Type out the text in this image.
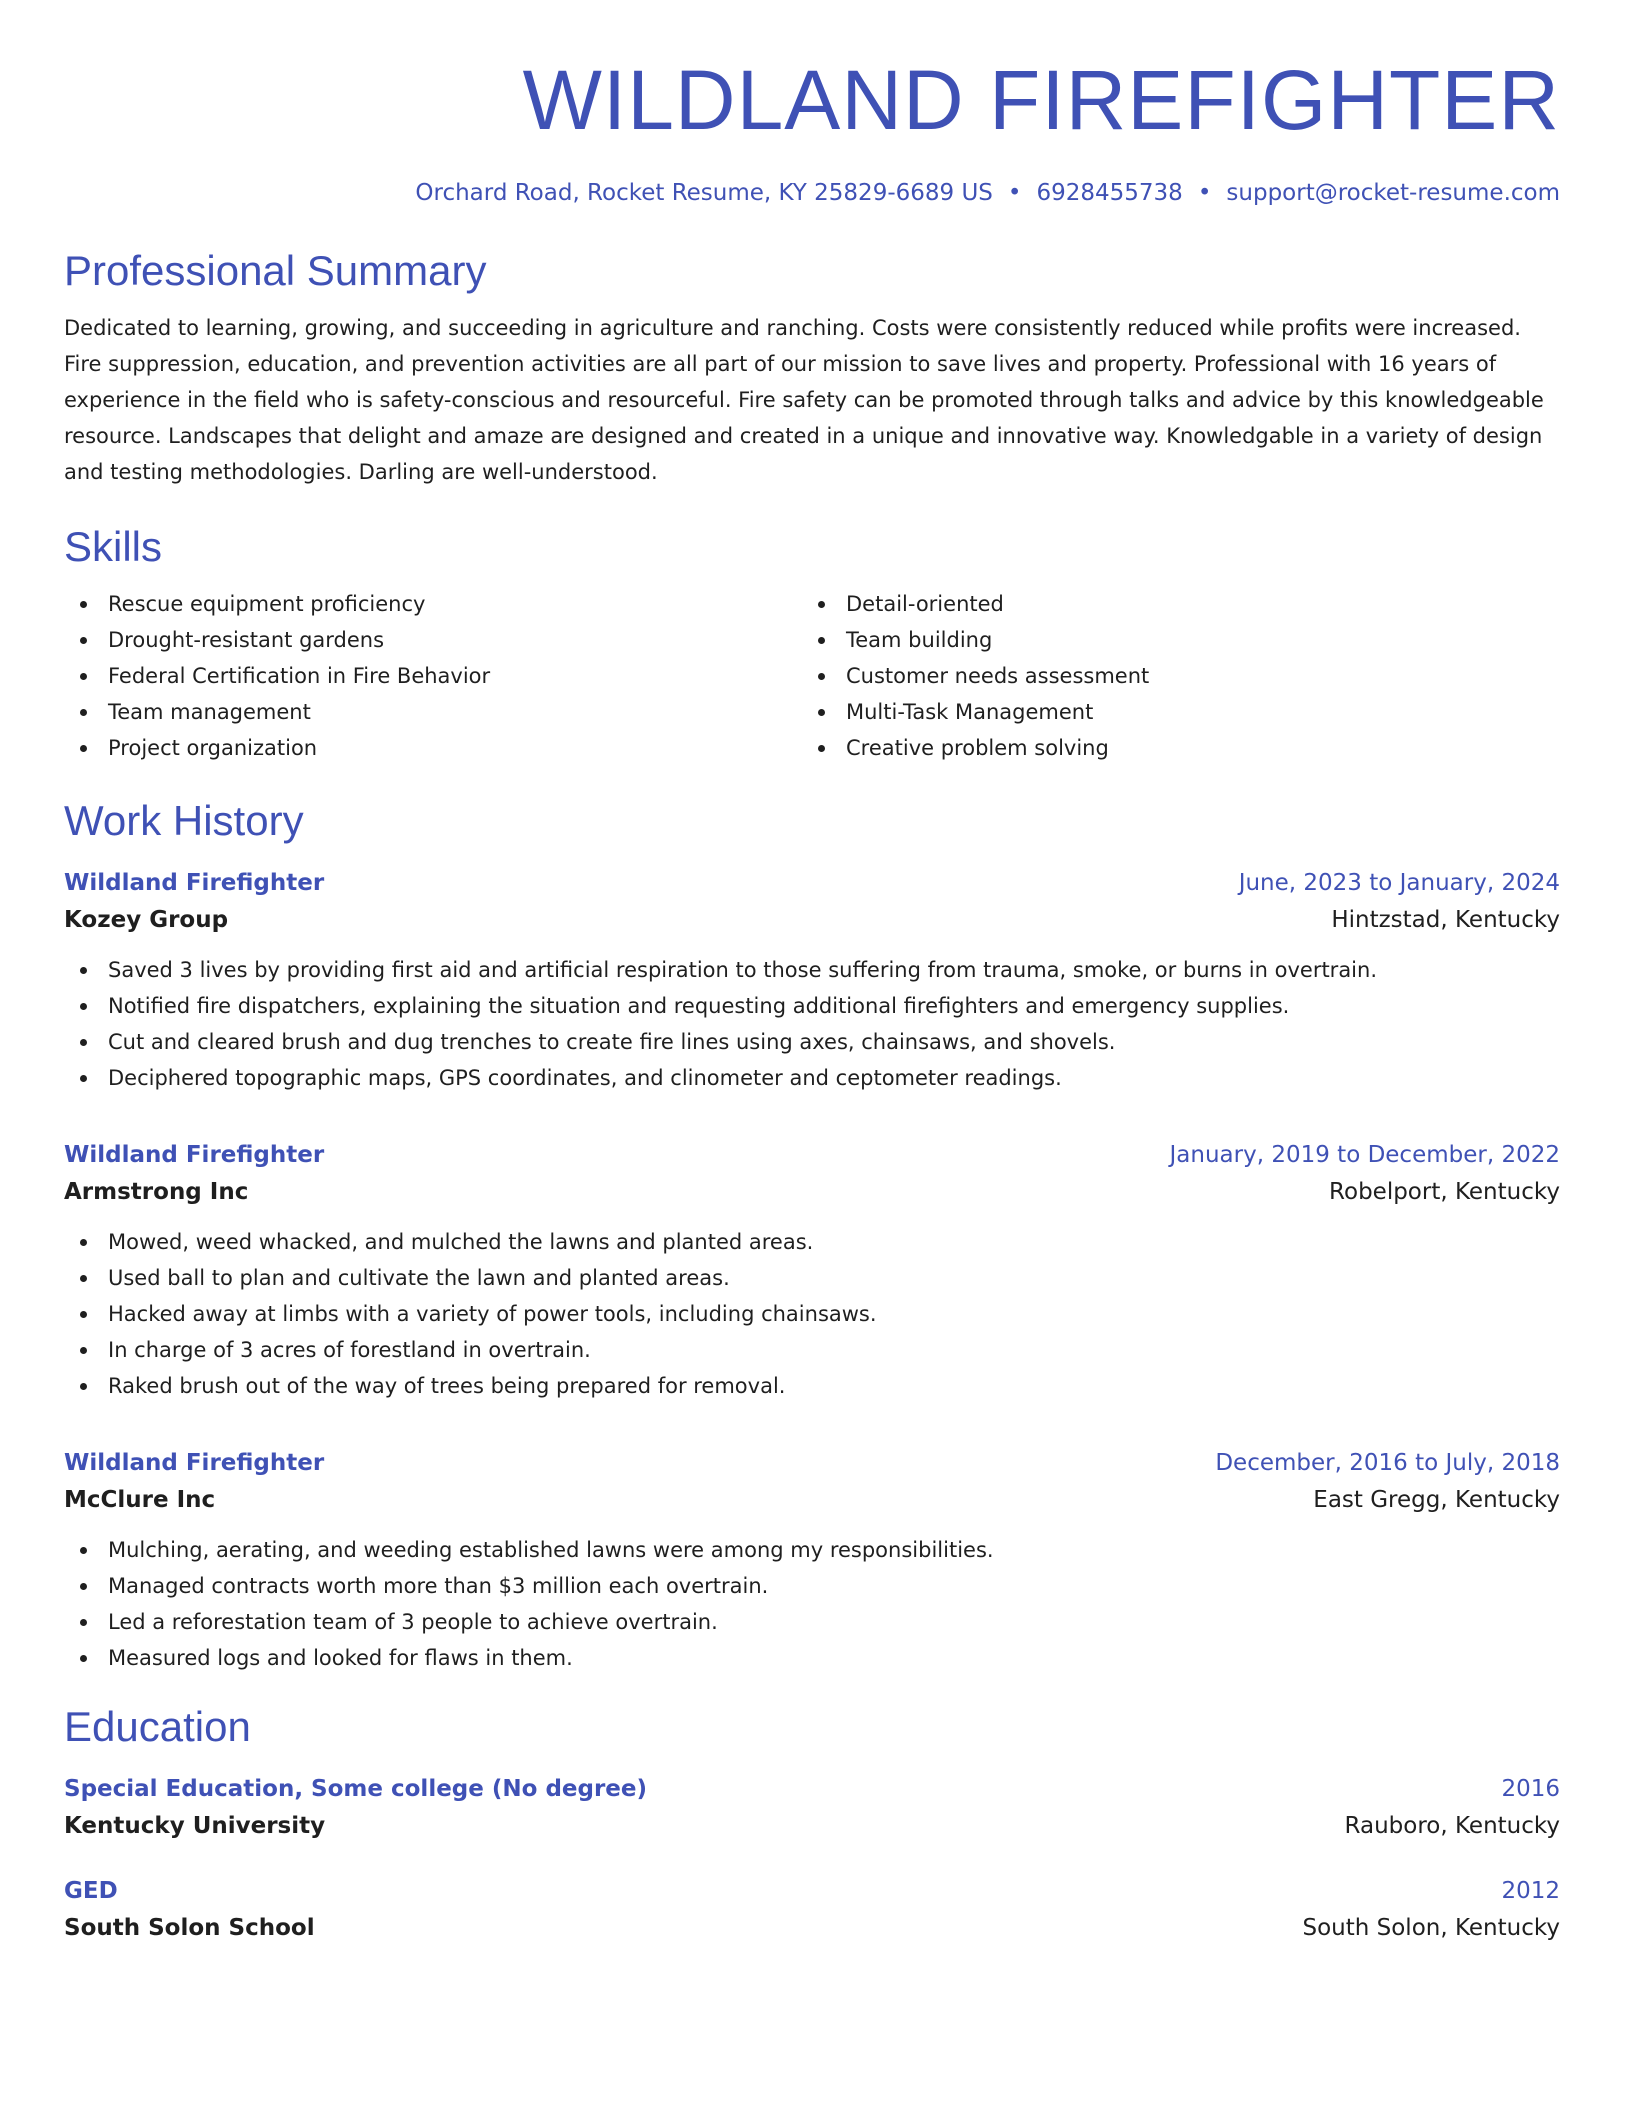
WILDLAND FIREFIGHTER
Orchard Road, Rocket Resume, KY 25829-6689 US • 6928455738 • support@rocket-resume.com
Professional Summary

Dedicated to learning, growing, and succeeding in agriculture and ranching. Costs were consistently reduced while profits were increased. Fire suppression, education, and prevention activities are all part of our mission to save lives and property. Professional with 16 years of experience in the field who is safety-conscious and resourceful. Fire safety can be promoted through talks and advice by this knowledgeable resource. Landscapes that delight and amaze are designed and created in a unique and innovative way. Knowledgable in a variety of design and testing methodologies. Darling are well-understood.

Skills
Rescue equipment proficiency
Drought-resistant gardens
Federal Certification in Fire Behavior
Team management
Project organization
Detail-oriented
Team building
Customer needs assessment
Multi-Task Management
Creative problem solving
Work History
Wildland Firefighter	June, 2023 to January, 2024
Kozey Group	Hintzstad, Kentucky
Saved 3 lives by providing first aid and artificial respiration to those suffering from trauma, smoke, or burns in overtrain.
Notified fire dispatchers, explaining the situation and requesting additional firefighters and emergency supplies.
Cut and cleared brush and dug trenches to create fire lines using axes, chainsaws, and shovels.
Deciphered topographic maps, GPS coordinates, and clinometer and ceptometer readings.
Wildland Firefighter	January, 2019 to December, 2022
Armstrong Inc	Robelport, Kentucky
Mowed, weed whacked, and mulched the lawns and planted areas.
Used ball to plan and cultivate the lawn and planted areas.
Hacked away at limbs with a variety of power tools, including chainsaws.
In charge of 3 acres of forestland in overtrain.
Raked brush out of the way of trees being prepared for removal.
Wildland Firefighter	December, 2016 to July, 2018
McClure Inc	East Gregg, Kentucky
Mulching, aerating, and weeding established lawns were among my responsibilities.
Managed contracts worth more than $3 million each overtrain.
Led a reforestation team of 3 people to achieve overtrain.
Measured logs and looked for flaws in them.
Education
Special Education, Some college (No degree)	2016
Kentucky University	Rauboro, Kentucky
GED	2012
South Solon School	South Solon, Kentucky
